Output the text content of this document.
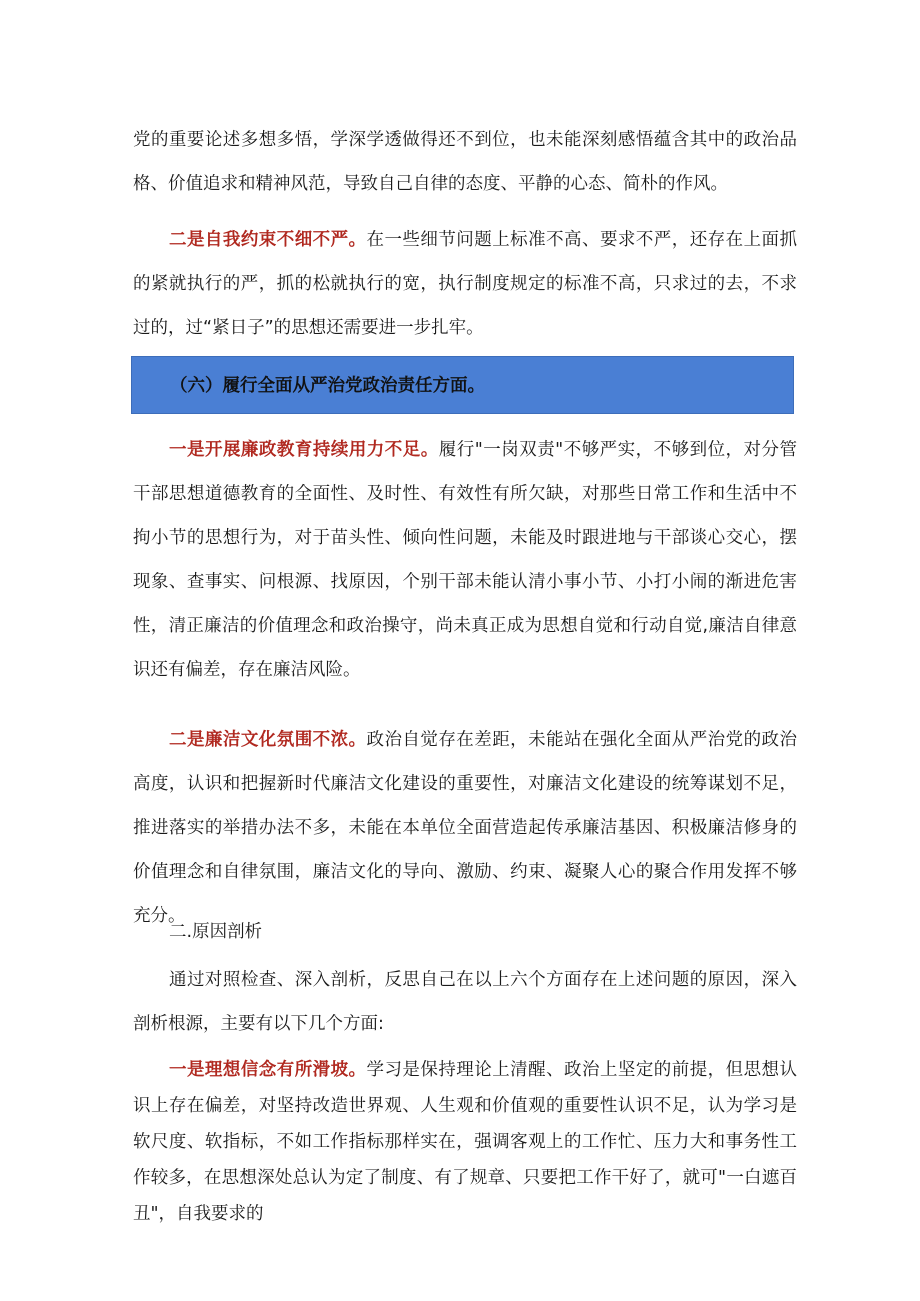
党的重要论述多想多悟，学深学透做得还不到位，也未能深刻感悟蕴含其中的政治品格、价值追求和精神风范，导致自己自律的态度、平静的心态、简朴的作风。

二是自我约束不细不严。在一些细节问题上标准不高、要求不严，还存在上面抓的紧就执行的严，抓的松就执行的宽，执行制度规定的标准不高，只求过的去，不求过的，过“紧日子”的思想还需要进一步扎牢。

（六）履行全面从严治党政治责任方面。

一是开展廉政教育持续用力不足。履行"一岗双责"不够严实，不够到位，对分管干部思想道德教育的全面性、及时性、有效性有所欠缺，对那些日常工作和生活中不拘小节的思想行为，对于苗头性、倾向性问题，未能及时跟进地与干部谈心交心，摆现象、查事实、问根源、找原因，个别干部未能认清小事小节、小打小闹的渐进危害性，清正廉洁的价值理念和政治操守，尚未真正成为思想自觉和行动自觉,廉洁自律意识还有偏差，存在廉洁风险。

二是廉洁文化氛围不浓。政治自觉存在差距，未能站在强化全面从严治党的政治高度，认识和把握新时代廉洁文化建设的重要性，对廉洁文化建设的统筹谋划不足，推进落实的举措办法不多，未能在本单位全面营造起传承廉洁基因、积极廉洁修身的价值理念和自律氛围，廉洁文化的导向、激励、约束、凝聚人心的聚合作用发挥不够充分。

二.原因剖析

通过对照检查、深入剖析，反思自己在以上六个方面存在上述问题的原因，深入剖析根源，主要有以下几个方面:

一是理想信念有所滑坡。学习是保持理论上清醒、政治上坚定的前提，但思想认识上存在偏差，对坚持改造世界观、人生观和价值观的重要性认识不足，认为学习是软尺度、软指标，不如工作指标那样实在，强调客观上的工作忙、压力大和事务性工作较多，在思想深处总认为定了制度、有了规章、只要把工作干好了，就可"一白遮百丑"，自我要求的
